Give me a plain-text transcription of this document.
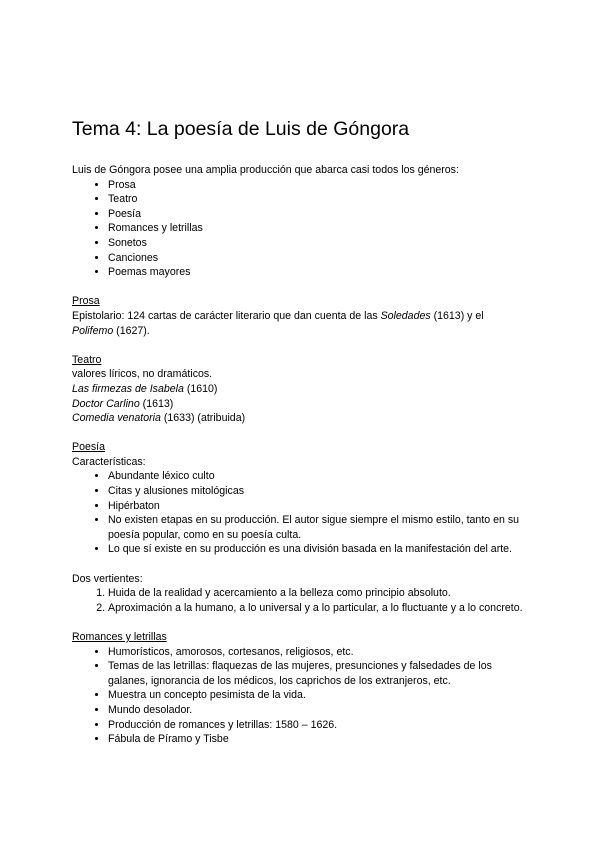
Tema 4: La poesía de Luis de Góngora

Luis de Góngora posee una amplia producción que abarca casi todos los géneros:

• Prosa
• Teatro
• Poesía
• Romances y letrillas
• Sonetos
• Canciones
• Poemas mayores

Prosa

Epistolario: 124 cartas de carácter literario que dan cuenta de las Soledades (1613) y el
Polifemo (1627).

Teatro

valores líricos, no dramáticos.

Las firmezas de Isabela (1610)

Doctor Carlino (1613)

Comedia venatoria (1633) (atribuida)

Poesía

Características:

• Abundante léxico culto
• Citas y alusiones mitológicas
• Hipérbaton
• No existen etapas en su producción. El autor sigue siempre el mismo estilo, tanto en su poesía popular, como en su poesía culta.
• Lo que sí existe en su producción es una división basada en la manifestación del arte.

Dos vertientes:

1. Huida de la realidad y acercamiento a la belleza como principio absoluto.
2. Aproximación a la humano, a lo universal y a lo particular, a lo fluctuante y a lo concreto.

Romances y letrillas

• Humorísticos, amorosos, cortesanos, religiosos, etc.
• Temas de las letrillas: flaquezas de las mujeres, presunciones y falsedades de los galanes, ignorancia de los médicos, los caprichos de los extranjeros, etc.
• Muestra un concepto pesimista de la vida.
• Mundo desolador.
• Producción de romances y letrillas: 1580 – 1626.
• Fábula de Píramo y Tisbe
